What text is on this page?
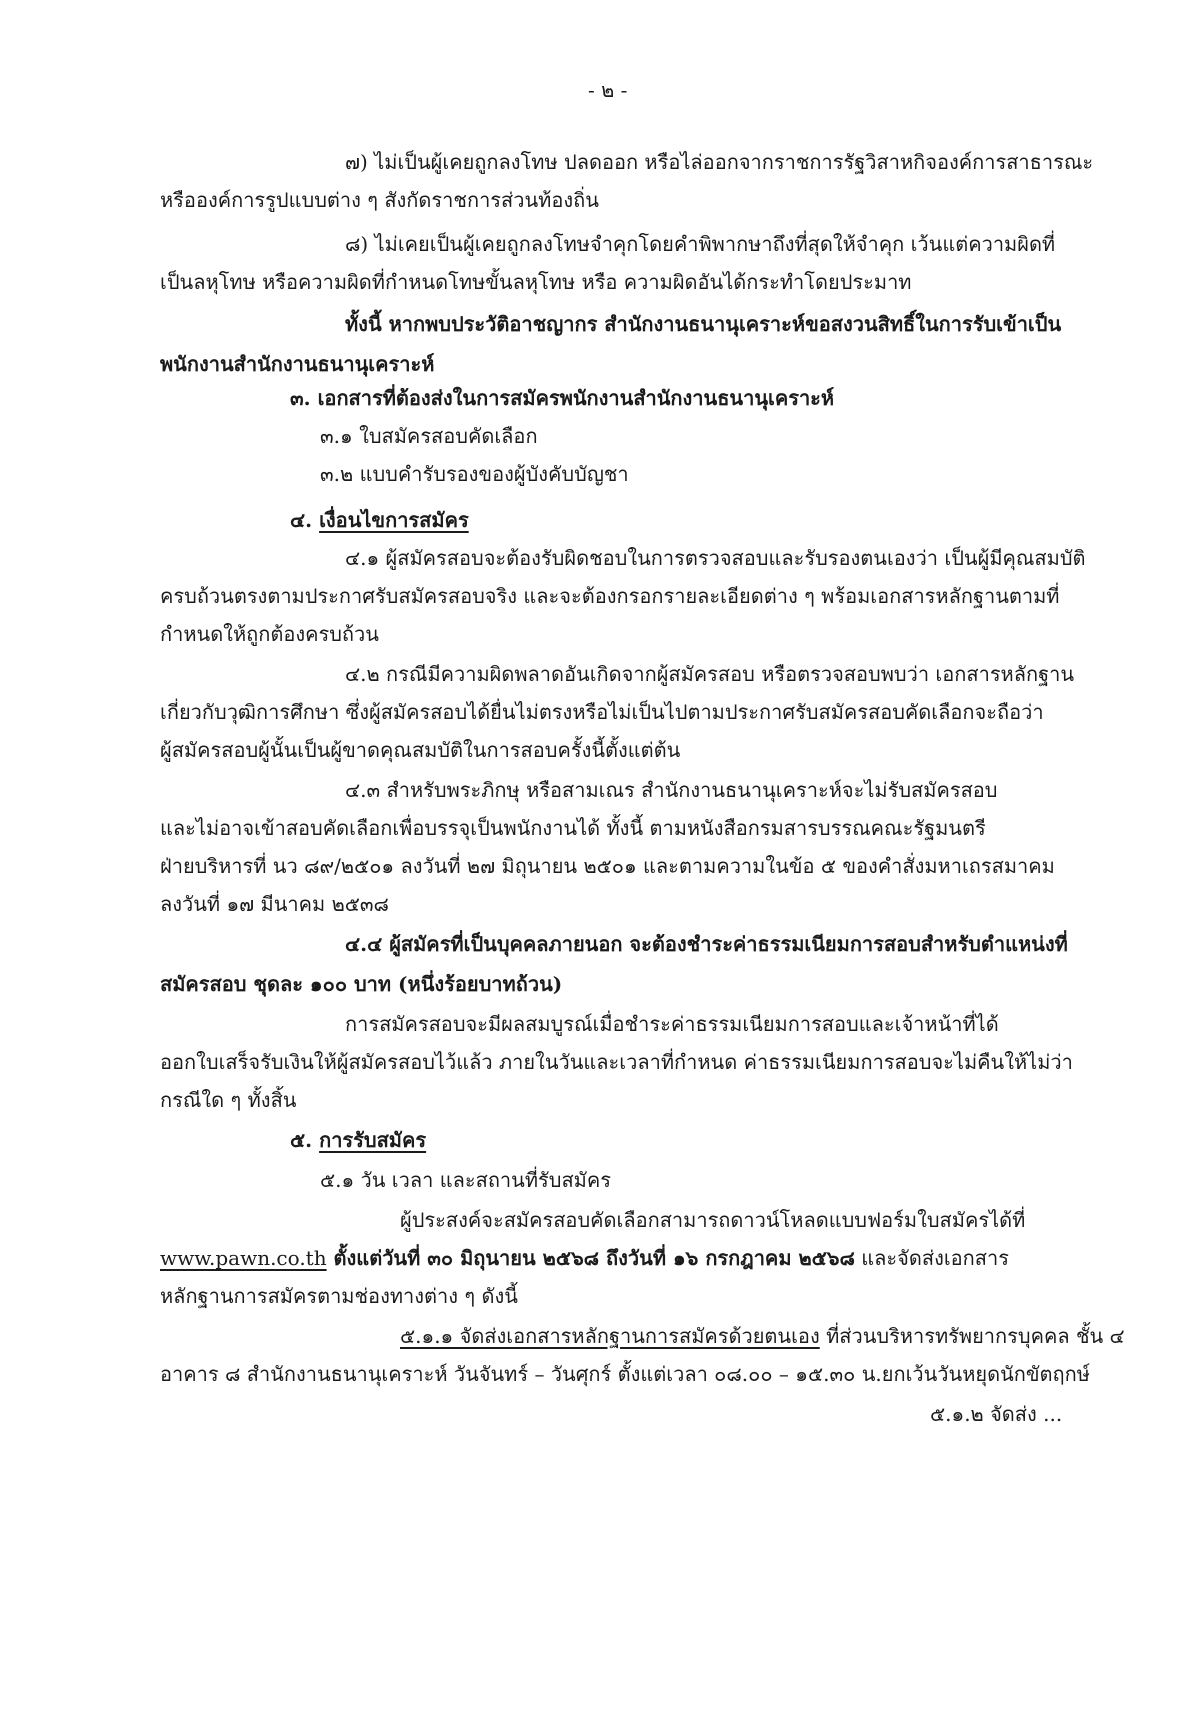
- ๒ -
๗) ไม่เป็นผู้เคยถูกลงโทษ ปลดออก หรือไล่ออกจากราชการรัฐวิสาหกิจองค์การสาธารณะ
หรือองค์การรูปแบบต่าง ๆ สังกัดราชการส่วนท้องถิ่น
๘) ไม่เคยเป็นผู้เคยถูกลงโทษจำคุกโดยคำพิพากษาถึงที่สุดให้จำคุก เว้นแต่ความผิดที่
เป็นลหุโทษ หรือความผิดที่กำหนดโทษขั้นลหุโทษ หรือ ความผิดอันได้กระทำโดยประมาท
ทั้งนี้ หากพบประวัติอาชญากร สำนักงานธนานุเคราะห์ขอสงวนสิทธิ์ในการรับเข้าเป็น
พนักงานสำนักงานธนานุเคราะห์
๓. เอกสารที่ต้องส่งในการสมัครพนักงานสำนักงานธนานุเคราะห์
๓.๑ ใบสมัครสอบคัดเลือก
๓.๒ แบบคำรับรองของผู้บังคับบัญชา
๔. เงื่อนไขการสมัคร
๔.๑ ผู้สมัครสอบจะต้องรับผิดชอบในการตรวจสอบและรับรองตนเองว่า เป็นผู้มีคุณสมบัติ
ครบถ้วนตรงตามประกาศรับสมัครสอบจริง และจะต้องกรอกรายละเอียดต่าง ๆ พร้อมเอกสารหลักฐานตามที่
กำหนดให้ถูกต้องครบถ้วน
๔.๒ กรณีมีความผิดพลาดอันเกิดจากผู้สมัครสอบ หรือตรวจสอบพบว่า เอกสารหลักฐาน
เกี่ยวกับวุฒิการศึกษา ซึ่งผู้สมัครสอบได้ยื่นไม่ตรงหรือไม่เป็นไปตามประกาศรับสมัครสอบคัดเลือกจะถือว่า
ผู้สมัครสอบผู้นั้นเป็นผู้ขาดคุณสมบัติในการสอบครั้งนี้ตั้งแต่ต้น
๔.๓ สำหรับพระภิกษุ หรือสามเณร สำนักงานธนานุเคราะห์จะไม่รับสมัครสอบ
และไม่อาจเข้าสอบคัดเลือกเพื่อบรรจุเป็นพนักงานได้ ทั้งนี้ ตามหนังสือกรมสารบรรณคณะรัฐมนตรี
ฝ่ายบริหารที่ นว ๘๙/๒๕๐๑ ลงวันที่ ๒๗ มิถุนายน ๒๕๐๑ และตามความในข้อ ๕ ของคำสั่งมหาเถรสมาคม
ลงวันที่ ๑๗ มีนาคม ๒๕๓๘
๔.๔ ผู้สมัครที่เป็นบุคคลภายนอก จะต้องชำระค่าธรรมเนียมการสอบสำหรับตำแหน่งที่
สมัครสอบ ชุดละ ๑๐๐ บาท (หนึ่งร้อยบาทถ้วน)
การสมัครสอบจะมีผลสมบูรณ์เมื่อชำระค่าธรรมเนียมการสอบและเจ้าหน้าที่ได้
ออกใบเสร็จรับเงินให้ผู้สมัครสอบไว้แล้ว ภายในวันและเวลาที่กำหนด ค่าธรรมเนียมการสอบจะไม่คืนให้ไม่ว่า
กรณีใด ๆ ทั้งสิ้น
๕. การรับสมัคร
๕.๑ วัน เวลา และสถานที่รับสมัคร
ผู้ประสงค์จะสมัครสอบคัดเลือกสามารถดาวน์โหลดแบบฟอร์มใบสมัครได้ที่
www.pawn.co.th ตั้งแต่วันที่ ๓๐ มิถุนายน ๒๕๖๘ ถึงวันที่ ๑๖ กรกฎาคม ๒๕๖๘ และจัดส่งเอกสาร
หลักฐานการสมัครตามช่องทางต่าง ๆ ดังนี้
๕.๑.๑ จัดส่งเอกสารหลักฐานการสมัครด้วยตนเอง ที่ส่วนบริหารทรัพยากรบุคคล ชั้น ๔
อาคาร ๘ สำนักงานธนานุเคราะห์ วันจันทร์ – วันศุกร์ ตั้งแต่เวลา ๐๘.๐๐ – ๑๕.๓๐ น.ยกเว้นวันหยุดนักขัตฤกษ์
๕.๑.๒ จัดส่ง ...
